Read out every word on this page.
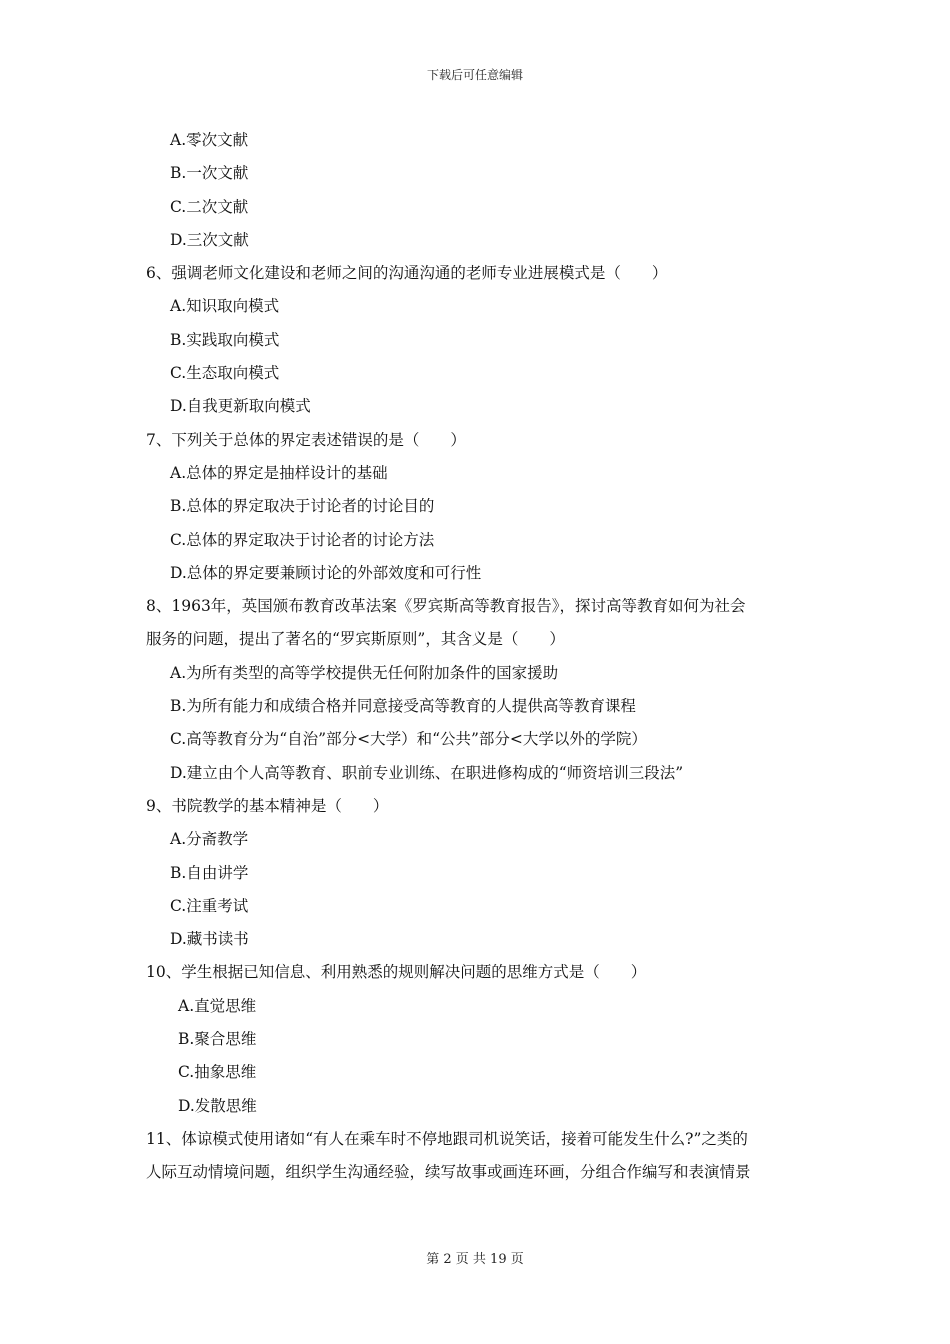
下载后可任意编辑
A.零次文献
B.一次文献
C.二次文献
D.三次文献
6、强调老师文化建设和老师之间的沟通沟通的老师专业进展模式是（　　）
A.知识取向模式
B.实践取向模式
C.生态取向模式
D.自我更新取向模式
7、下列关于总体的界定表述错误的是（　　）
A.总体的界定是抽样设计的基础
B.总体的界定取决于讨论者的讨论目的
C.总体的界定取决于讨论者的讨论方法
D.总体的界定要兼顾讨论的外部效度和可行性
8、1963年，英国颁布教育改革法案《罗宾斯高等教育报告》，探讨高等教育如何为社会
服务的问题，提出了著名的“罗宾斯原则”，其含义是（　　）
A.为所有类型的高等学校提供无任何附加条件的国家援助
B.为所有能力和成绩合格并同意接受高等教育的人提供高等教育课程
C.高等教育分为“自治”部分<大学）和“公共”部分<大学以外的学院）
D.建立由个人高等教育、职前专业训练、在职进修构成的“师资培训三段法”
9、书院教学的基本精神是（　　）
A.分斋教学
B.自由讲学
C.注重考试
D.藏书读书
10、学生根据已知信息、利用熟悉的规则解决问题的思维方式是（　　）
A.直觉思维
B.聚合思维
C.抽象思维
D.发散思维
11、体谅模式使用诸如“有人在乘车时不停地跟司机说笑话，接着可能发生什么?”之类的
人际互动情境问题，组织学生沟通经验，续写故事或画连环画，分组合作编写和表演情景
第 2 页 共 19 页
